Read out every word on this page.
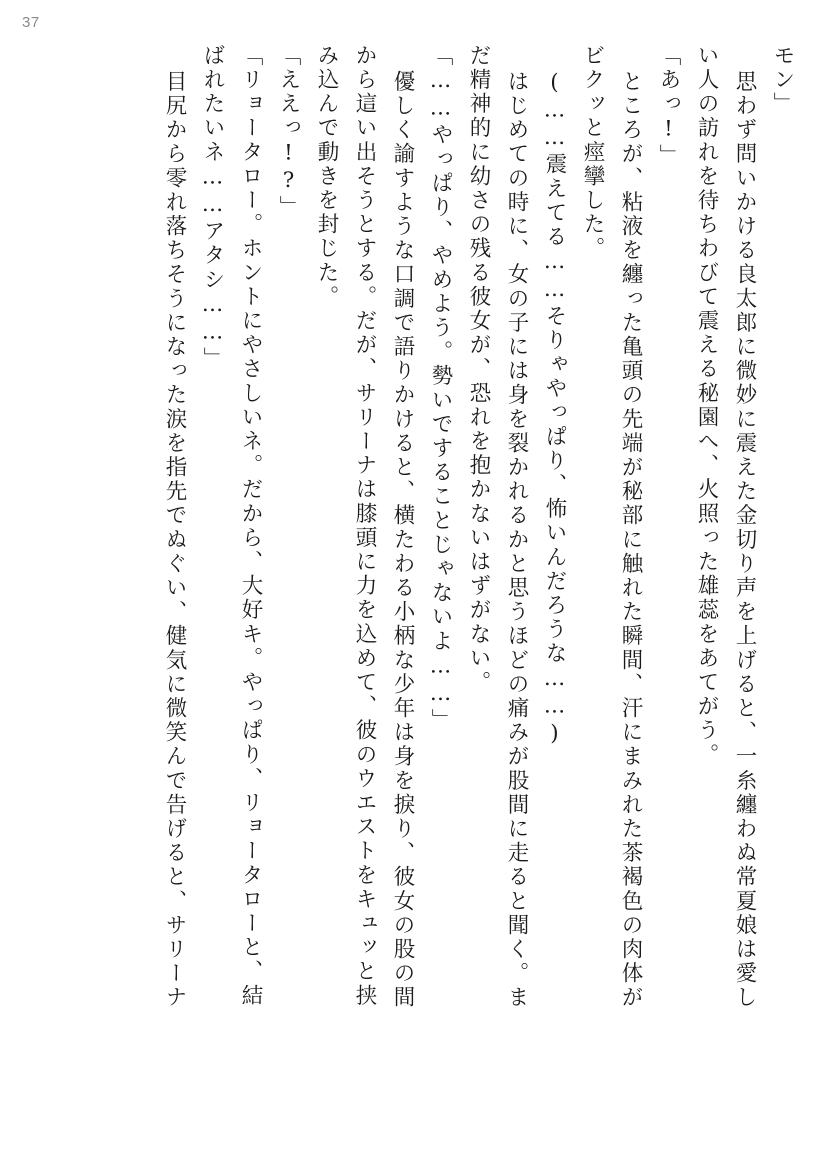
37
モン」
思わず問いかける良太郎に微妙に震えた金切り声を上げると、一糸纏わぬ常夏娘は愛し
い人の訪れを待ちわびて震える秘園へ、火照った雄蕊をあてがう。
「あっ!」
ところが、粘液を纏った亀頭の先端が秘部に触れた瞬間、汗にまみれた茶褐色の肉体が
ビクッと痙攣した。
(……震えてる……そりゃやっぱり、怖いんだろうな……)
はじめての時に、女の子には身を裂かれるかと思うほどの痛みが股間に走ると聞く。ま
だ精神的に幼さの残る彼女が、恐れを抱かないはずがない。
「……やっぱり、やめよう。勢いですることじゃないよ……」
優しく諭すような口調で語りかけると、横たわる小柄な少年は身を捩り、彼女の股の間
から這い出そうとする。だが、サリーナは膝頭に力を込めて、彼のウエストをキュッと挟
み込んで動きを封じた。
「ええっ!?」
「リョータロー。ホントにやさしいネ。だから、大好キ。やっぱり、リョータローと、結
ばれたいネ……アタシ……」
目尻から零れ落ちそうになった涙を指先でぬぐい、健気に微笑んで告げると、サリーナ
